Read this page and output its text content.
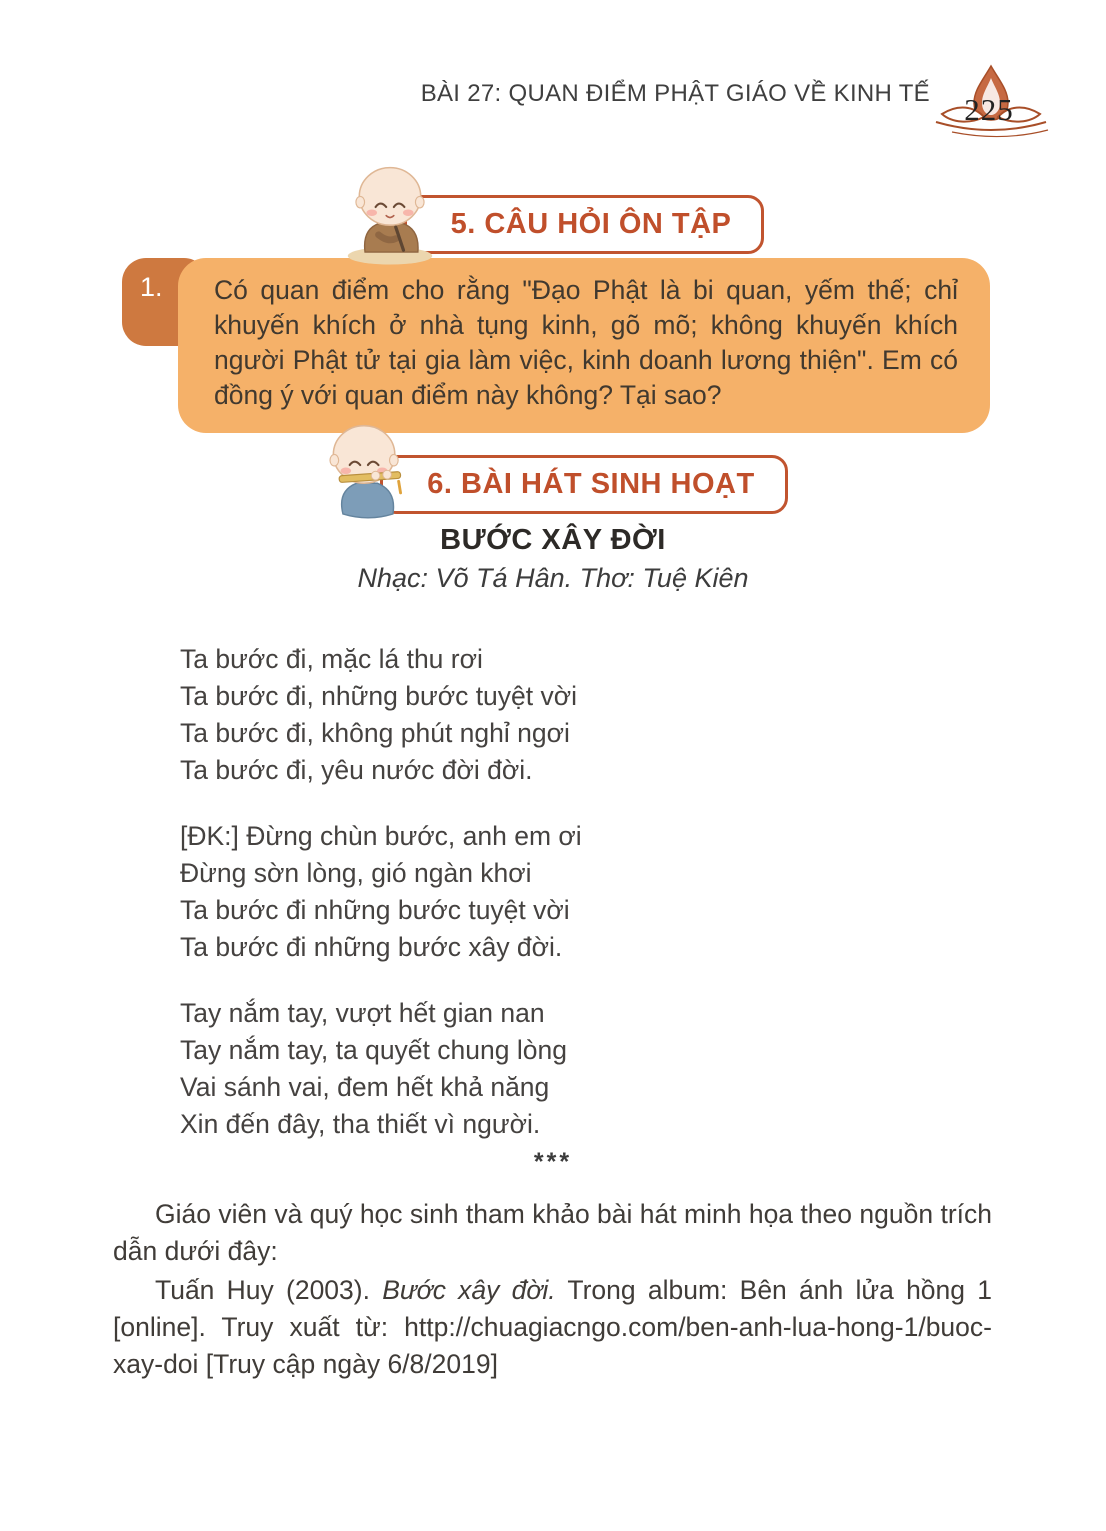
BÀI 27: QUAN ĐIỂM PHẬT GIÁO VỀ KINH TẾ 225
5. CÂU HỎI ÔN TẬP
1. Có quan điểm cho rằng "Đạo Phật là bi quan, yếm thế; chỉ khuyến khích ở nhà tụng kinh, gõ mõ; không khuyến khích người Phật tử tại gia làm việc, kinh doanh lương thiện". Em có đồng ý với quan điểm này không? Tại sao?

6. BÀI HÁT SINH HOẠT
BƯỚC XÂY ĐỜI
Nhạc: Võ Tá Hân. Thơ: Tuệ Kiên
Ta bước đi, mặc lá thu rơi
Ta bước đi, những bước tuyệt vời
Ta bước đi, không phút nghỉ ngơi
Ta bước đi, yêu nước đời đời.
[ĐK:] Đừng chùn bước, anh em ơi
Đừng sờn lòng, gió ngàn khơi
Ta bước đi những bước tuyệt vời
Ta bước đi những bước xây đời.
Tay nắm tay, vượt hết gian nan
Tay nắm tay, ta quyết chung lòng
Vai sánh vai, đem hết khả năng
Xin đến đây, tha thiết vì người.
***

Giáo viên và quý học sinh tham khảo bài hát minh họa theo nguồn trích dẫn dưới đây:

Tuấn Huy (2003). Bước xây đời. Trong album: Bên ánh lửa hồng 1 [online]. Truy xuất từ: http://chuagiacngo.com/ben-anh-lua-hong-1/buoc-xay-doi [Truy cập ngày 6/8/2019]
